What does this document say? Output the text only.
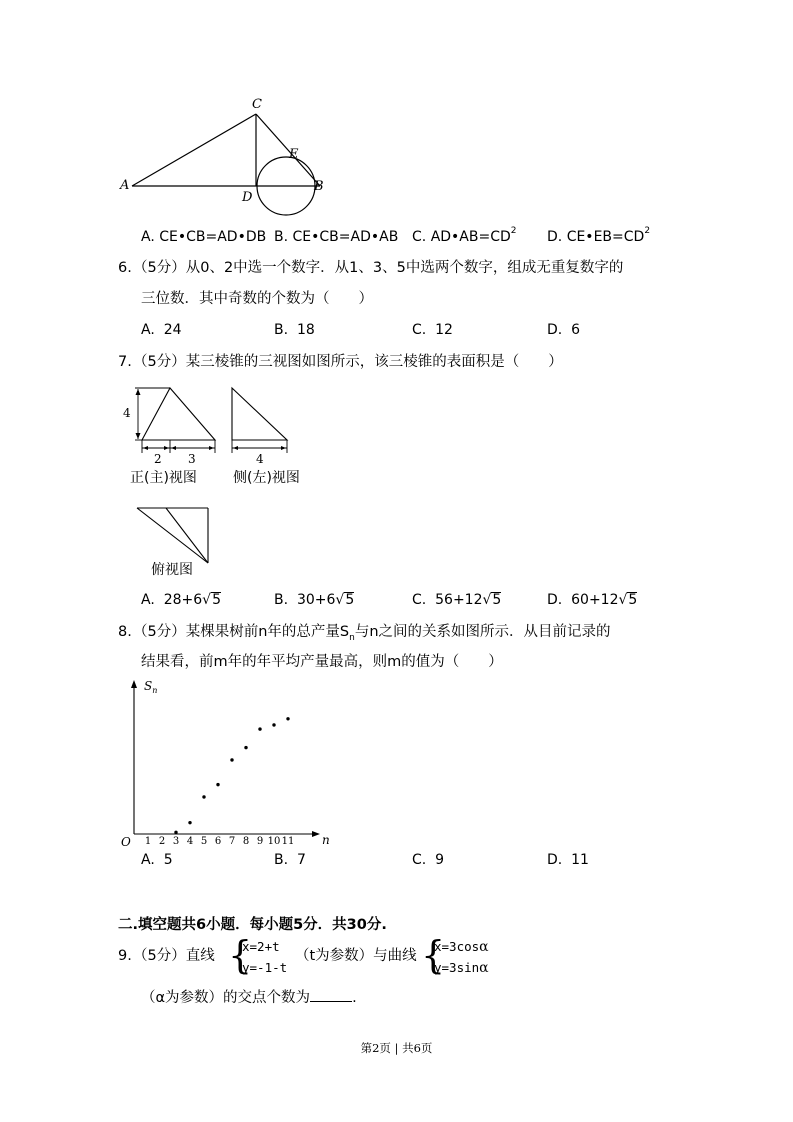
C
E
A
D
B
A. CE•CB=AD•DB B. CE•CB=AD•AB C. $AD•AB=CD^2$ D. $CE•EB=CD^2$
6. （5分）从0、2中选一个数字．从1、3、5中选两个数字，组成无重复数字的
三位数．其中奇数的个数为（　　）
A. 24	B. 18	C. 12	D. 6
7. （5分）某三棱锥的三视图如图所示，该三棱锥的表面积是（　　）
4
2 3
正(主)视图
4
侧(左)视图
俯视图
A. 28+6√5	B. 30+6√5	C. 56+12√5	D. 60+12√5
8. （5分）某棵果树前n年的总产量$S_n$与n之间的关系如图所示．从目前记录的
结果看，前m年的年平均产量最高，则m的值为（　　）
$S_n$
O	n
1 2 3 4 5 6 7 8 9 10 11
A. 5	B. 7	C. 9	D. 11
二.填空题共6小题．每小题5分．共30分.
9. （5分）直线 {
x=2+t
y=-1-t
（t为参数）与曲线 {
x=3cosα
y=3sinα
（α为参数）的交点个数为	.
第2页 | 共6页
